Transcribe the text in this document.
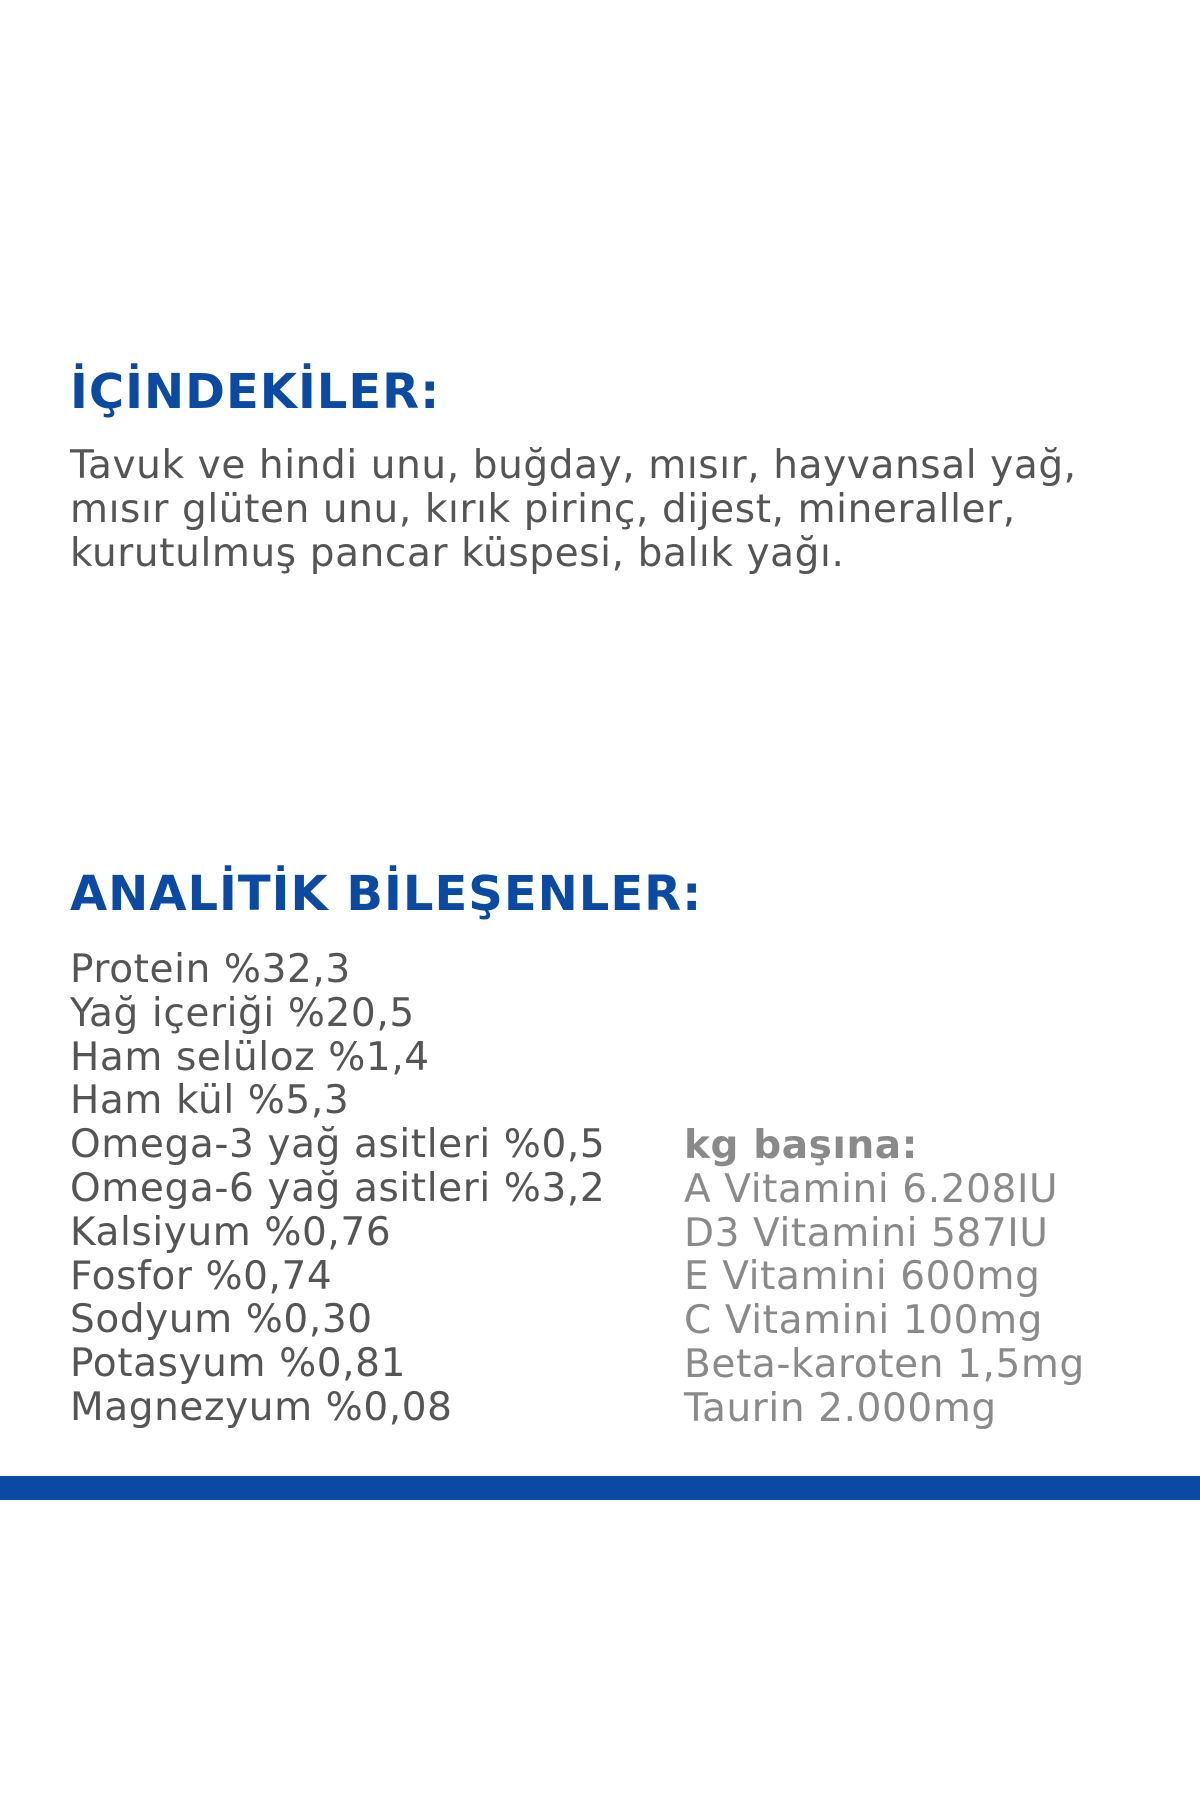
İÇİNDEKİLER:

Tavuk ve hindi unu, buğday, mısır, hayvansal yağ,
mısır glüten unu, kırık pirinç, dijest, mineraller,
kurutulmuş pancar küspesi, balık yağı.

ANALİTİK BİLEŞENLER:
Protein %32,3
Yağ içeriği %20,5
Ham selüloz %1,4
Ham kül %5,3
Omega-3 yağ asitleri %0,5
Omega-6 yağ asitleri %3,2
Kalsiyum %0,76
Fosfor %0,74
Sodyum %0,30
Potasyum %0,81
Magnezyum %0,08
kg başına:
A Vitamini 6.208IU
D3 Vitamini 587IU
E Vitamini 600mg
C Vitamini 100mg
Beta-karoten 1,5mg
Taurin 2.000mg
